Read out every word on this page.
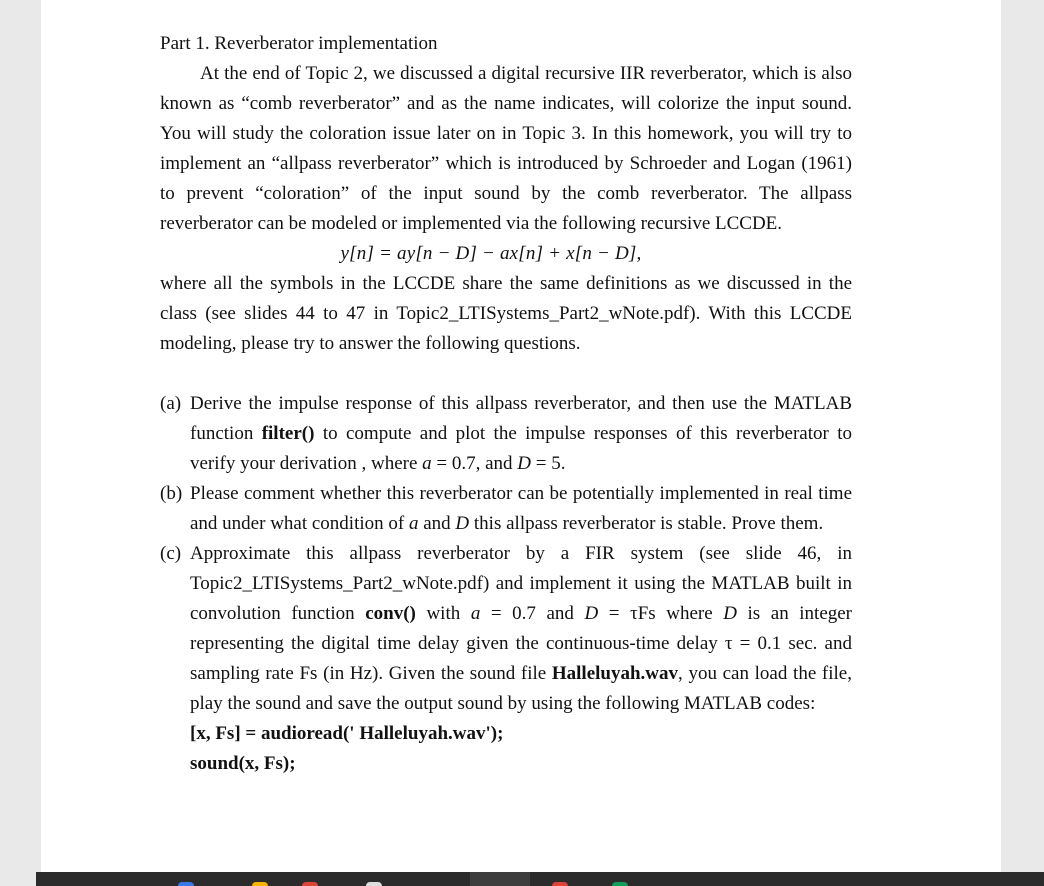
Part 1. Reverberator implementation

At the end of Topic 2, we discussed a digital recursive IIR reverberator, which is also known as “comb reverberator” and as the name indicates, will colorize the input sound. You will study the coloration issue later on in Topic 3. In this homework, you will try to implement an “allpass reverberator” which is introduced by Schroeder and Logan (1961) to prevent “coloration” of the input sound by the comb reverberator. The allpass reverberator can be modeled or implemented via the following recursive LCCDE.

y[n] = ay[n − D] − ax[n] + x[n − D],

where all the symbols in the LCCDE share the same definitions as we discussed in the class (see slides 44 to 47 in Topic2_LTISystems_Part2_wNote.pdf). With this LCCDE modeling, please try to answer the following questions.

(a) Derive the impulse response of this allpass reverberator, and then use the MATLAB function filter() to compute and plot the impulse responses of this reverberator to verify your derivation , where a = 0.7, and D = 5.

(b) Please comment whether this reverberator can be potentially implemented in real time and under what condition of a and D this allpass reverberator is stable. Prove them.

(c) Approximate this allpass reverberator by a FIR system (see slide 46, in Topic2_LTISystems_Part2_wNote.pdf) and implement it using the MATLAB built in convolution function conv() with a = 0.7 and D = τFs where D is an integer representing the digital time delay given the continuous-time delay τ = 0.1 sec. and sampling rate Fs (in Hz). Given the sound file Halleluyah.wav, you can load the file, play the sound and save the output sound by using the following MATLAB codes:

[x, Fs] = audioread(' Halleluyah.wav');

sound(x, Fs);
